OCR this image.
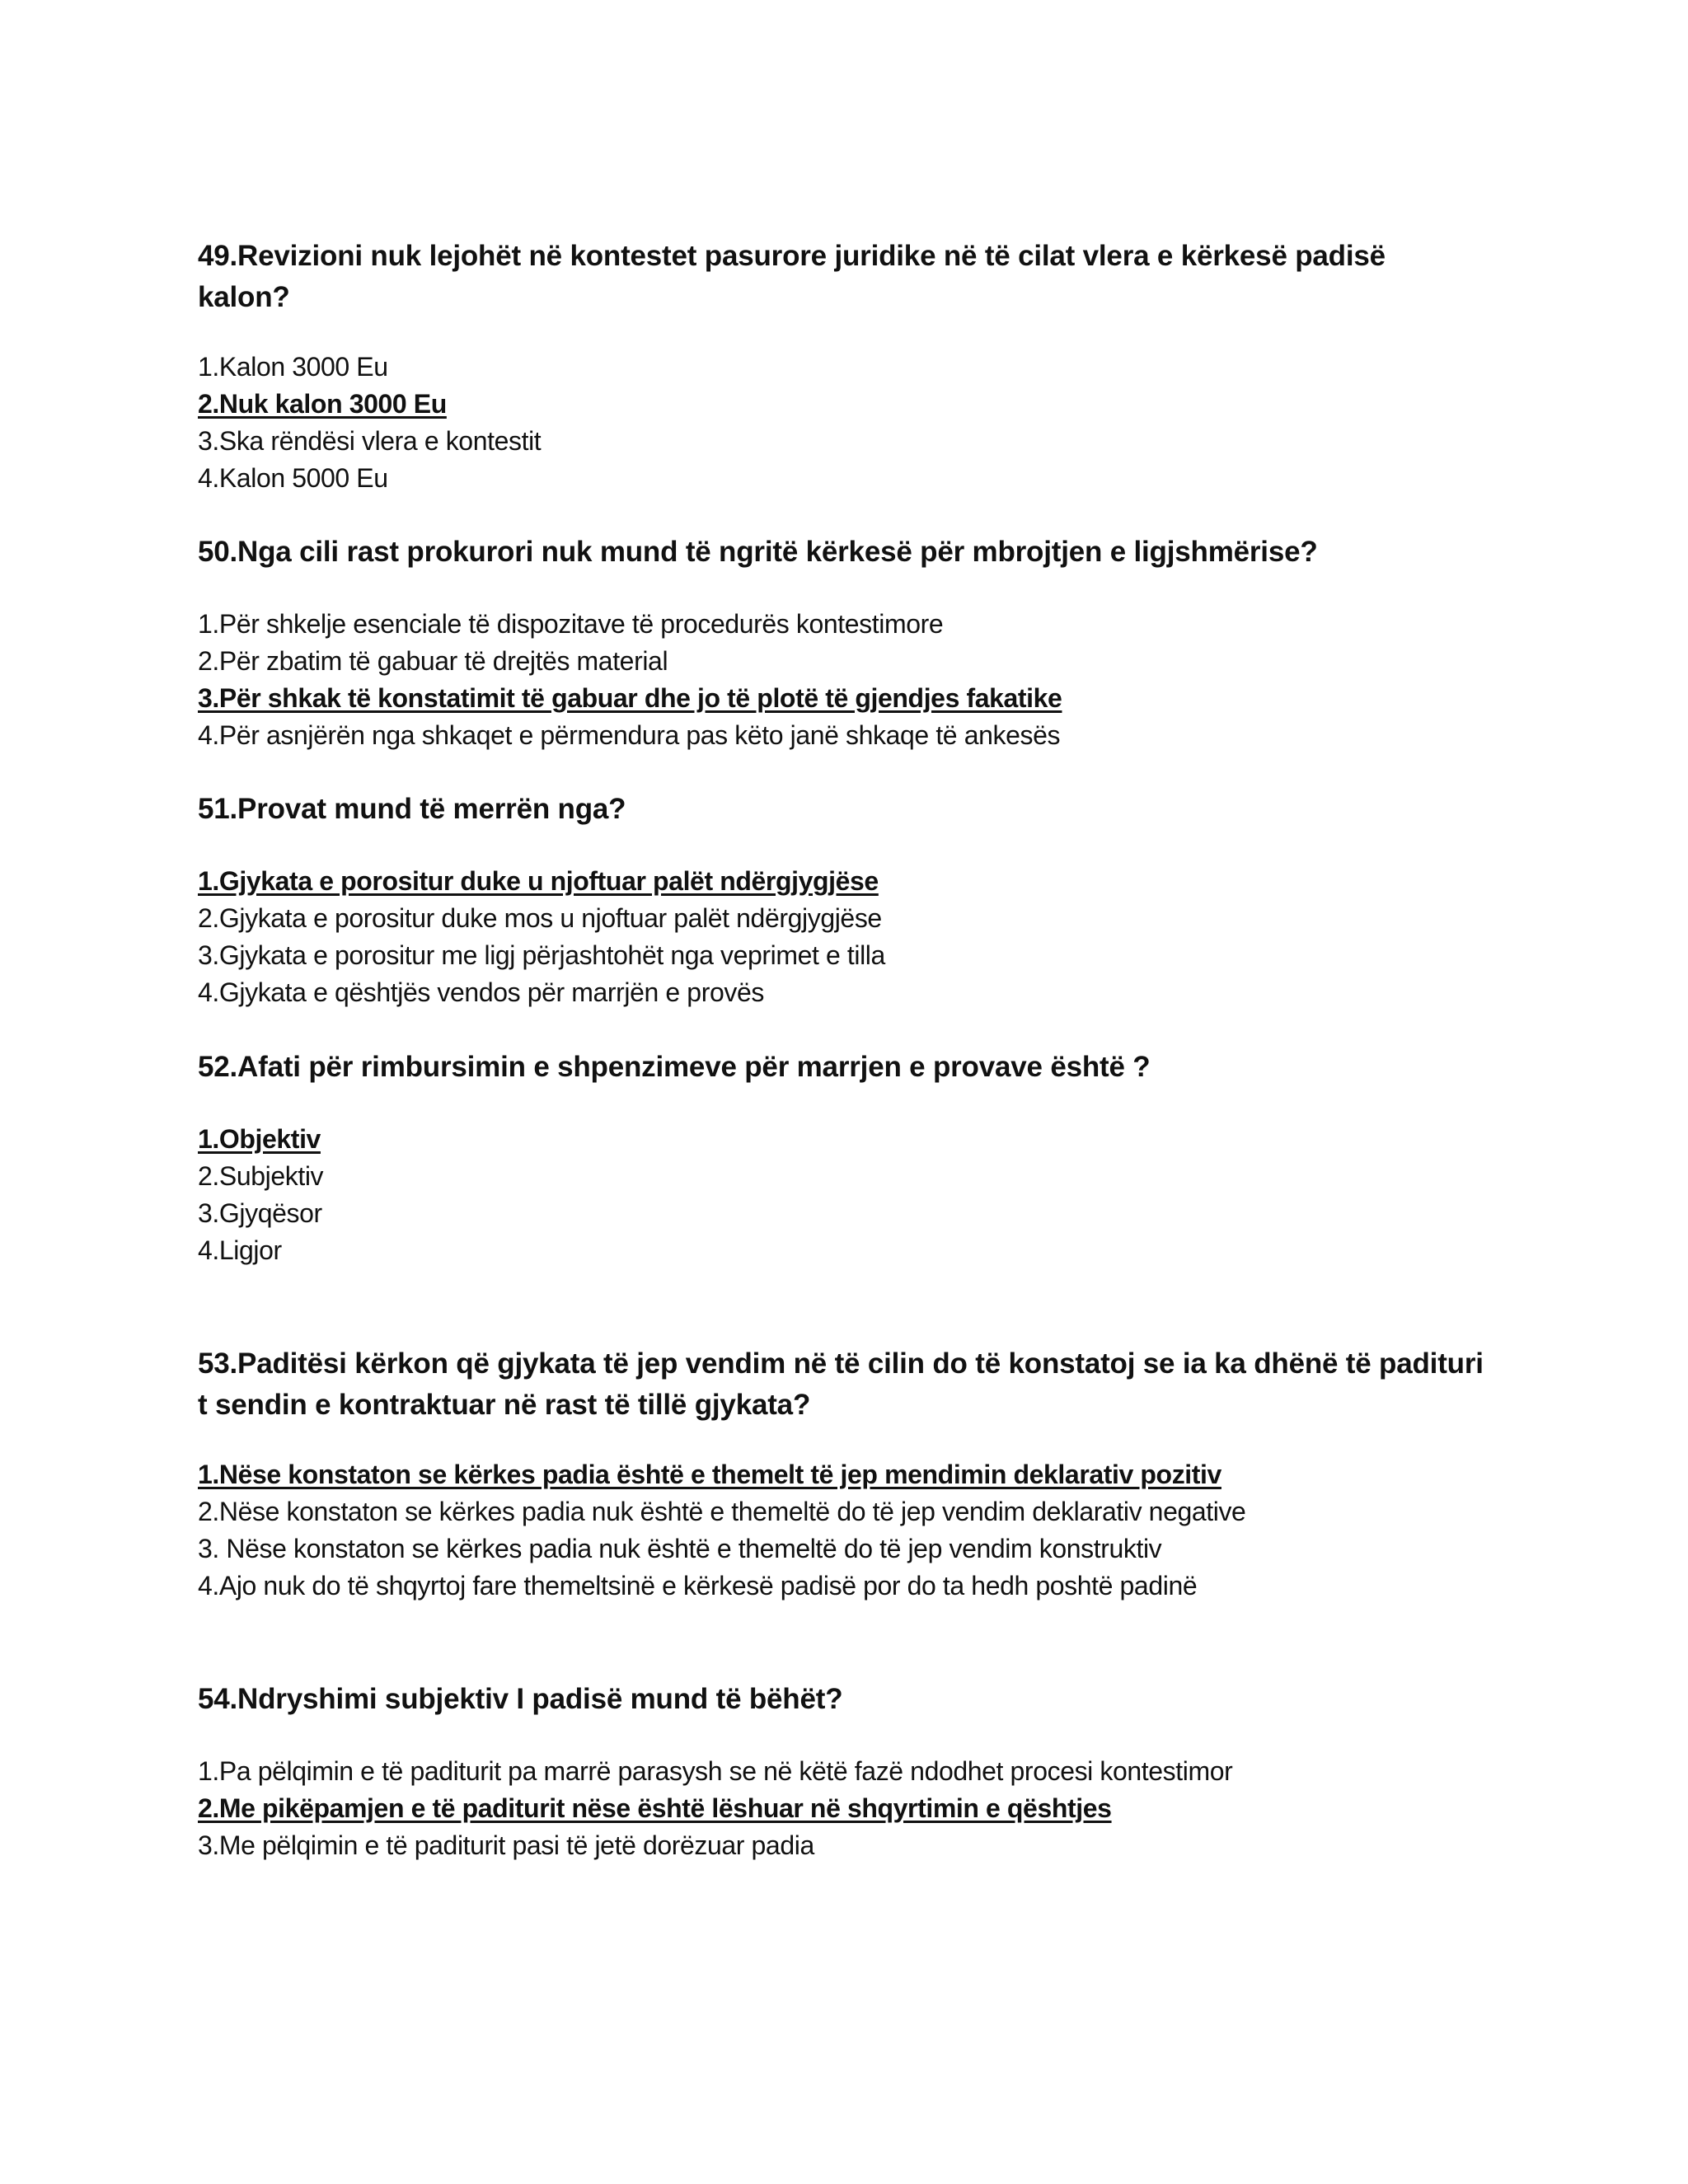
49.Revizioni nuk lejohët në kontestet pasurore juridike në të cilat vlera e kërkesë padisë kalon?

1.Kalon 3000 Eu
2.Nuk kalon 3000 Eu
3.Ska rëndësi vlera e kontestit
4.Kalon 5000 Eu

50.Nga cili rast prokurori nuk mund të ngritë kërkesë për mbrojtjen e ligjshmërise?

1.Për shkelje esenciale të dispozitave të procedurës kontestimore
2.Për zbatim të gabuar të drejtës material
3.Për shkak të konstatimit të gabuar dhe jo të plotë të gjendjes fakatike
4.Për asnjërën nga shkaqet e përmendura pas këto janë shkaqe të ankesës

51.Provat mund të merrën nga?

1.Gjykata e porositur duke u njoftuar palët ndërgjygjëse
2.Gjykata e porositur duke mos u njoftuar palët ndërgjygjëse
3.Gjykata e porositur me ligj përjashtohët nga veprimet e tilla
4.Gjykata e qështjës vendos për marrjën e provës

52.Afati për rimbursimin e shpenzimeve për marrjen e provave është ?

1.Objektiv
2.Subjektiv
3.Gjyqësor
4.Ligjor

53.Paditësi kërkon që gjykata të jep vendim në të cilin do të konstatoj se ia ka dhënë të padituri t sendin e kontraktuar në rast të tillë gjykata?

1.Nëse konstaton se kërkes padia është e themelt të jep mendimin deklarativ pozitiv
2.Nëse konstaton se kërkes padia nuk është e themeltë do të jep vendim deklarativ negative
3. Nëse konstaton se kërkes padia nuk është e themeltë do të jep vendim konstruktiv
4.Ajo nuk do të shqyrtoj fare themeltsinë e kërkesë padisë por do ta hedh poshtë padinë

54.Ndryshimi subjektiv I padisë mund të bëhët?

1.Pa pëlqimin e të paditurit pa marrë parasysh se në këtë fazë ndodhet procesi kontestimor
2.Me pikëpamjen e të paditurit nëse është lëshuar në shqyrtimin e qështjes
3.Me pëlqimin e të paditurit pasi të jetë dorëzuar padia
